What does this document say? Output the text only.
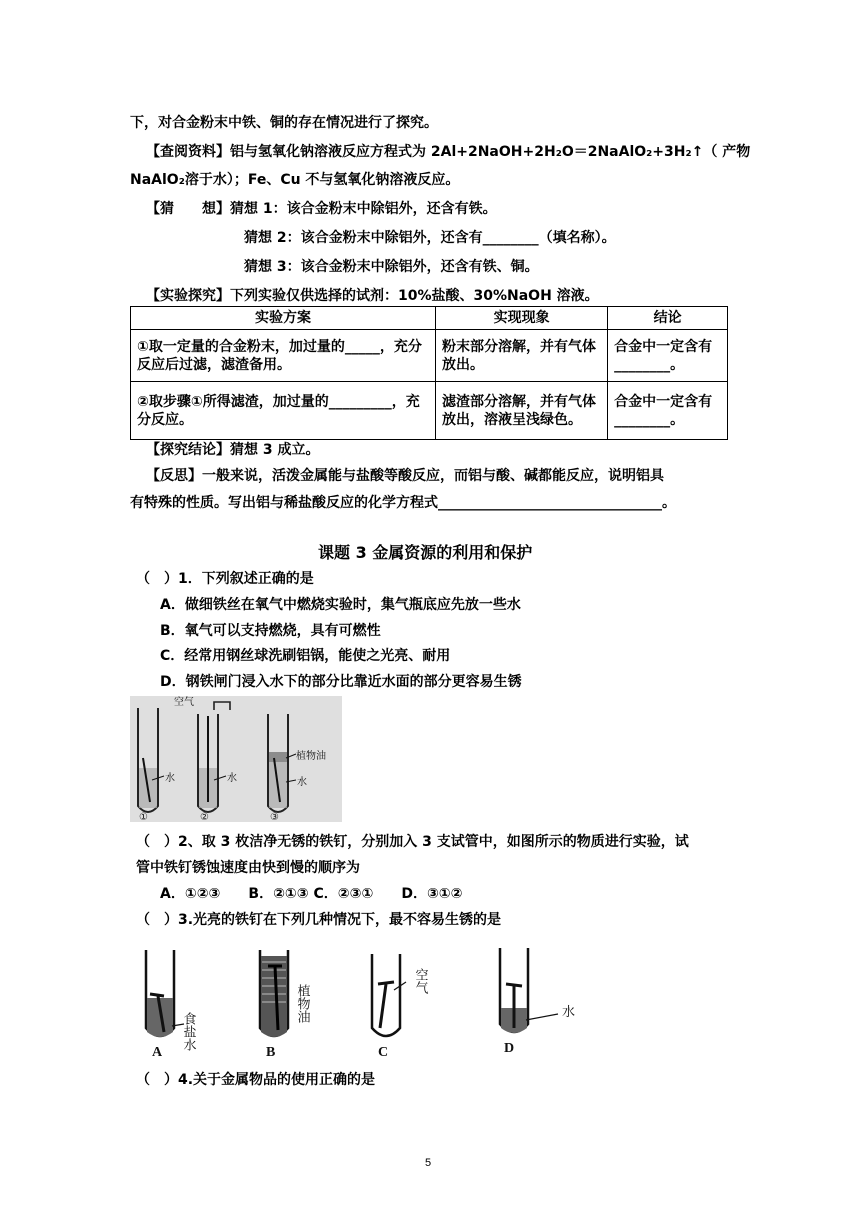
下，对合金粉末中铁、铜的存在情况进行了探究。
【查阅资料】铝与氢氧化钠溶液反应方程式为 2Al+2NaOH+2H₂O＝2NaAlO₂+3H₂↑（ 产物
NaAlO₂溶于水）；Fe、Cu 不与氢氧化钠溶液反应。
【猜　　想】猜想 1：该合金粉末中除铝外，还含有铁。
猜想 2：该合金粉末中除铝外，还含有________（填名称）。
猜想 3：该合金粉末中除铝外，还含有铁、铜。
【实验探究】下列实验仅供选择的试剂：10%盐酸、30%NaOH 溶液。
实验方案	实现现象	结论
①取一定量的合金粉末，加过量的_____，充分反应后过滤，滤渣备用。	粉末部分溶解，并有气体放出。	合金中一定含有________。
②取步骤①所得滤渣，加过量的_________，充分反应。	滤渣部分溶解，并有气体放出，溶液呈浅绿色。	合金中一定含有________。
【探究结论】猜想 3 成立。
【反思】一般来说，活泼金属能与盐酸等酸反应，而铝与酸、碱都能反应，说明铝具
有特殊的性质。写出铝与稀盐酸反应的化学方程式________________________________。
课题 3 金属资源的利用和保护
（　）1．下列叙述正确的是
A．做细铁丝在氧气中燃烧实验时，集气瓶底应先放一些水
B．氧气可以支持燃烧，具有可燃性
C．经常用钢丝球洗刷铝锅，能使之光亮、耐用
D．钢铁闸门浸入水下的部分比靠近水面的部分更容易生锈
水
①
水
空气
②
植物油
水
③
（　）2、取 3 枚洁净无锈的铁钉，分别加入 3 支试管中，如图所示的物质进行实验，试
管中铁钉锈蚀速度由快到慢的顺序为
A．①②③　　B．②①③ C．②③①　　D．③①②
（　）3.光亮的铁钉在下列几种情况下，最不容易生锈的是
食盐水
A
植物油
B
空气
C
水
D
（　）4.关于金属物品的使用正确的是
5
